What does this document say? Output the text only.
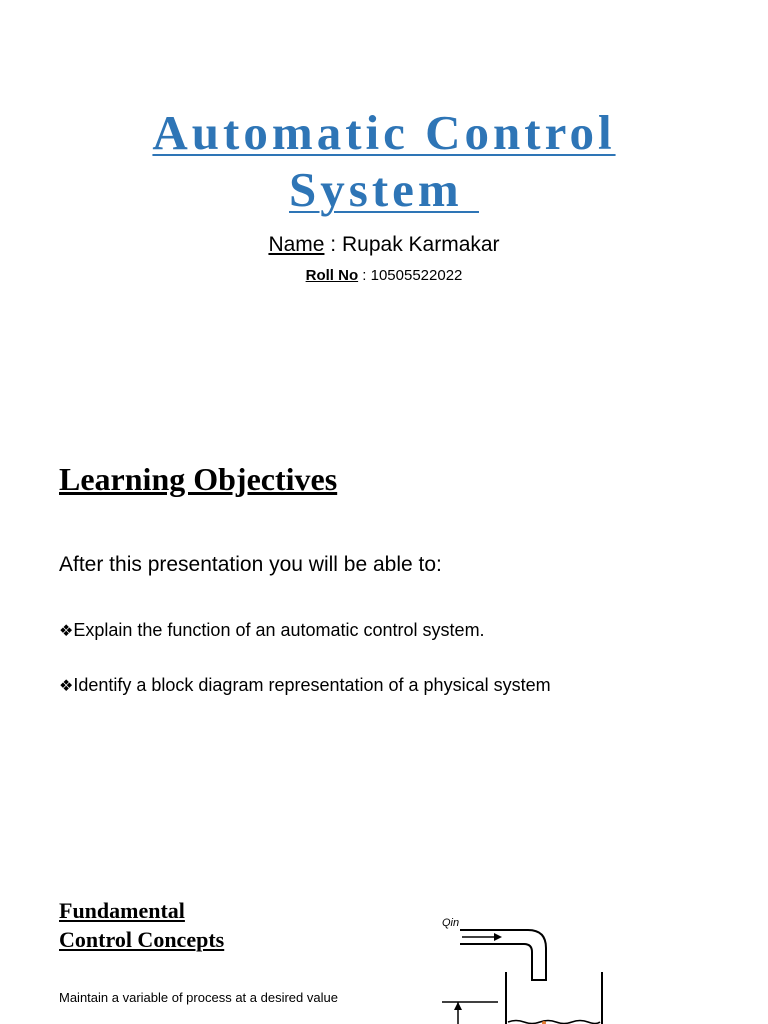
Automatic Control
System
Name : Rupak Karmakar
Roll No : 10505522022
Learning Objectives
After this presentation you will be able to:
❖Explain the function of an automatic control system.
❖Identify a block diagram representation of a physical system
Fundamental
Control Concepts
Maintain a variable of process at a desired value
Qin
